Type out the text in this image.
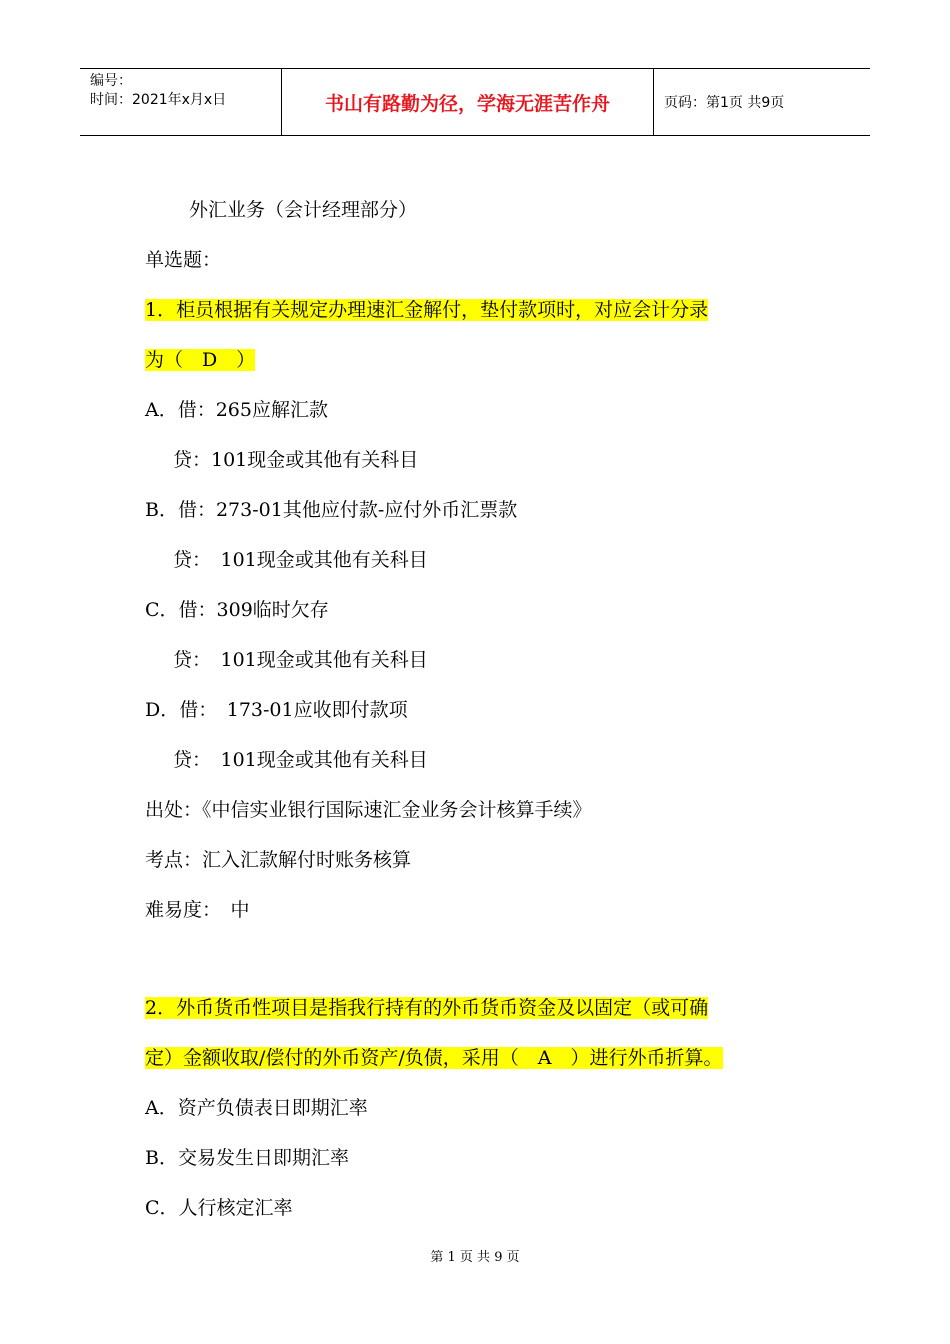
编号：
时间：2021年x月x日	书山有路勤为径，学海无涯苦作舟	页码：第1页 共9页
外汇业务（会计经理部分）
单选题：
1．柜员根据有关规定办理速汇金解付，垫付款项时，对应会计分录
为（　D　）
A．借：265应解汇款
贷：101现金或其他有关科目
B．借：273-01其他应付款-应付外币汇票款
贷：　101现金或其他有关科目
C．借：309临时欠存
贷：　101现金或其他有关科目
D．借：　173-01应收即付款项
贷：　101现金或其他有关科目
出处：《中信实业银行国际速汇金业务会计核算手续》
考点：汇入汇款解付时账务核算
难易度：　中
2．外币货币性项目是指我行持有的外币货币资金及以固定（或可确
定）金额收取/偿付的外币资产/负债，采用（　A　）进行外币折算。
A．资产负债表日即期汇率
B．交易发生日即期汇率
C．人行核定汇率
第 1 页 共 9 页
